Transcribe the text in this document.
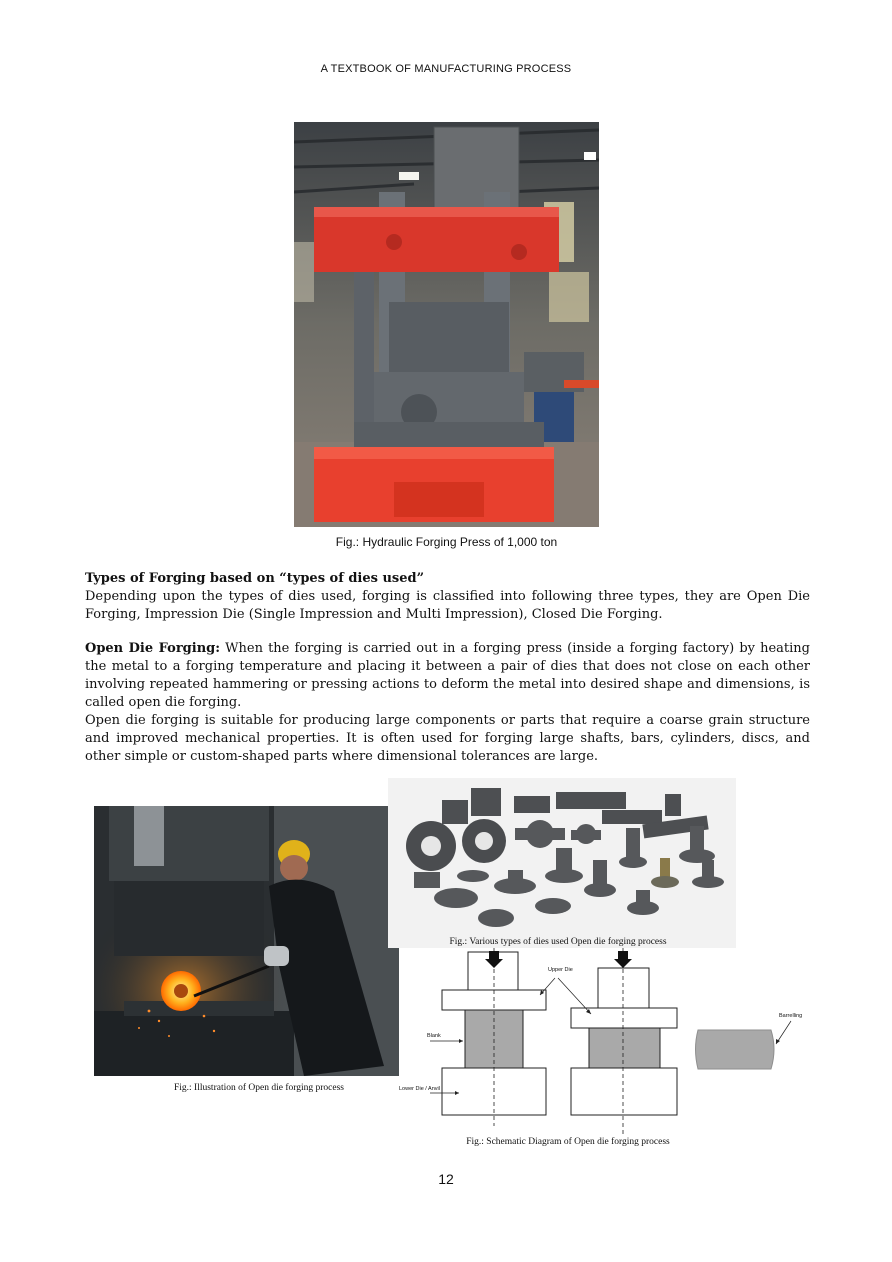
A TEXTBOOK OF MANUFACTURING PROCESS
Fig.: Hydraulic Forging Press of 1,000 ton
Types of Forging based on “types of dies used”
Depending upon the types of dies used, forging is classified into following three types, they are Open Die Forging, Impression Die (Single Impression and Multi Impression), Closed Die Forging.
Open Die Forging: When the forging is carried out in a forging press (inside a forging factory) by heating the metal to a forging temperature and placing it between a pair of dies that does not close on each other involving repeated hammering or pressing actions to deform the metal into desired shape and dimensions, is called open die forging.
Open die forging is suitable for producing large components or parts that require a coarse grain structure and improved mechanical properties. It is often used for forging large shafts, bars, cylinders, discs, and other simple or custom-shaped parts where dimensional tolerances are large.
Fig.: Illustration of Open die forging process
Fig.: Various types of dies used Open die forging process
Upper Die
Blank
Lower Die / Anvil
Barrelling
Fig.: Schematic Diagram of Open die forging process
12
